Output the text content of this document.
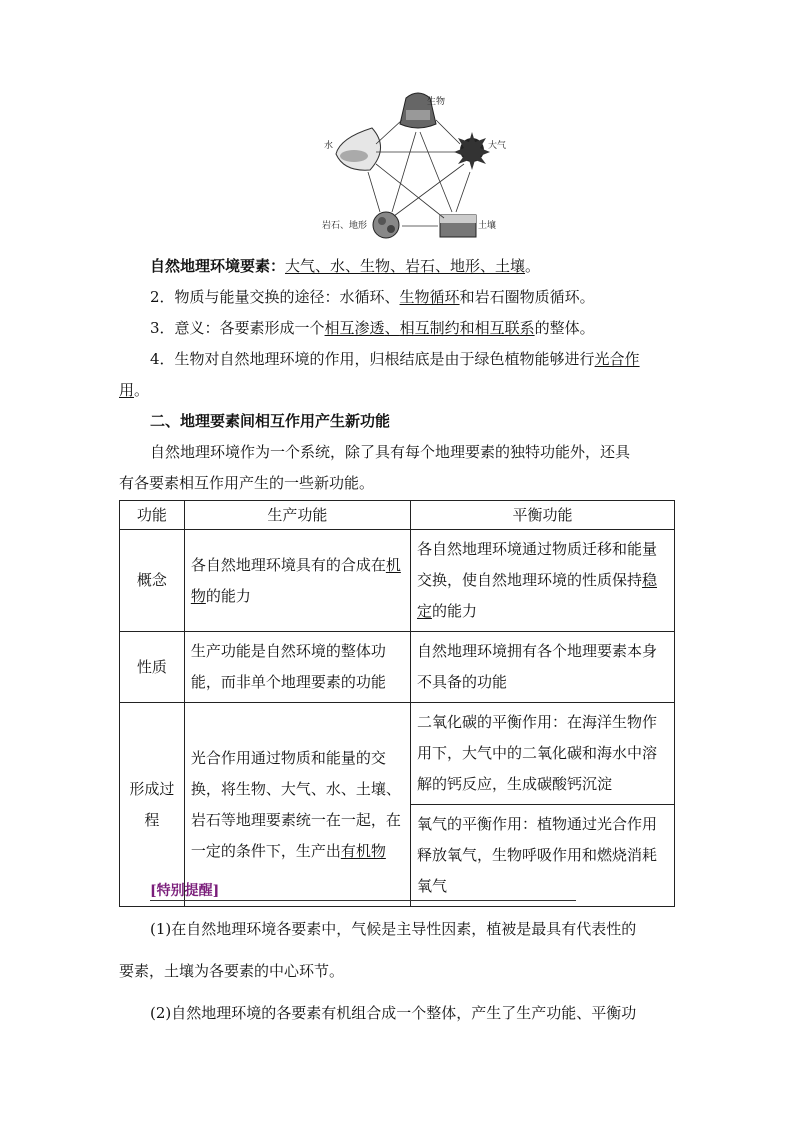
生物
水	大气
岩石、地形	土壤
自然地理环境要素：大气、水、生物、岩石、地形、土壤。
2．物质与能量交换的途径：水循环、生物循环和岩石圈物质循环。
3．意义：各要素形成一个相互渗透、相互制约和相互联系的整体。
4．生物对自然地理环境的作用，归根结底是由于绿色植物能够进行光合作
用。
二、地理要素间相互作用产生新功能
自然地理环境作为一个系统，除了具有每个地理要素的独特功能外，还具
有各要素相互作用产生的一些新功能。
功能	生产功能	平衡功能
概念	各自然地理环境具有的合成在机物的能力	各自然地理环境通过物质迁移和能量交换，使自然地理环境的性质保持稳定的能力
性质	生产功能是自然环境的整体功能，而非单个地理要素的功能	自然地理环境拥有各个地理要素本身不具备的功能
形成过程	光合作用通过物质和能量的交换，将生物、大气、水、土壤、岩石等地理要素统一在一起，在一定的条件下，生产出有机物	二氧化碳的平衡作用：在海洋生物作用下，大气中的二氧化碳和海水中溶解的钙反应，生成碳酸钙沉淀
		氧气的平衡作用：植物通过光合作用释放氧气，生物呼吸作用和燃烧消耗氧气
[特别提醒]
(1)在自然地理环境各要素中，气候是主导性因素，植被是最具有代表性的
要素，土壤为各要素的中心环节。
(2)自然地理环境的各要素有机组合成一个整体，产生了生产功能、平衡功
